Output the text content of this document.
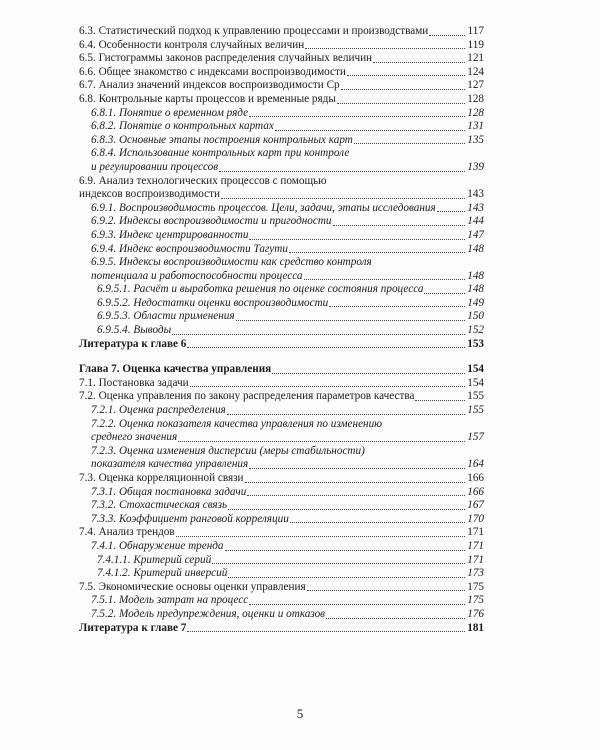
6.3. Статистический подход к управлению процессами и производствами	117
6.4. Особенности контроля случайных величин	119
6.5. Гистограммы законов распределения случайных величин	121
6.6. Общее знакомство с индексами воспроизводимости	124
6.7. Анализ значений индексов воспроизводимости Cp	127
6.8. Контрольные карты процессов и временные ряды	128
6.8.1. Понятие о временном ряде	128
6.8.2. Понятие о контрольных картах	131
6.8.3. Основные этапы построения контрольных карт	135
6.8.4. Использование контрольных карт при контроле
и регулировании процессов	139
6.9. Анализ технологических процессов с помощью
индексов воспроизводимости	143
6.9.1. Воспроизводимость процессов. Цели, задачи, этапы исследования	143
6.9.2. Индексы воспроизводимости и пригодности	144
6.9.3. Индекс центрированности	147
6.9.4. Индекс воспроизводимости Тагути	148
6.9.5. Индексы воспроизводимости как средство контроля
потенциала и работоспособности процесса	148
6.9.5.1. Расчёт и выработка решения по оценке состояния процесса	148
6.9.5.2. Недостатки оценки воспроизводимости	149
6.9.5.3. Области применения	150
6.9.5.4. Выводы	152
Литература к главе 6	153
Глава 7. Оценка качества управления	154
7.1. Постановка задачи	154
7.2. Оценка управления по закону распределения параметров качества	155
7.2.1. Оценка распределения	155
7.2.2. Оценка показателя качества управления по изменению
среднего значения	157
7.2.3. Оценка изменения дисперсии (меры стабильности)
показателя качества управления	164
7.3. Оценка корреляционной связи	166
7.3.1. Общая постановка задачи	166
7.3.2. Стохастическая связь	167
7.3.3. Коэффициент ранговой корреляции	170
7.4. Анализ трендов	171
7.4.1. Обнаружение тренда	171
7.4.1.1. Критерий серий	171
7.4.1.2. Критерий инверсий	173
7.5. Экономические основы оценки управления	175
7.5.1. Модель затрат на процесс	175
7.5.2. Модель предупреждения, оценки и отказов	176
Литература к главе 7	181
5
